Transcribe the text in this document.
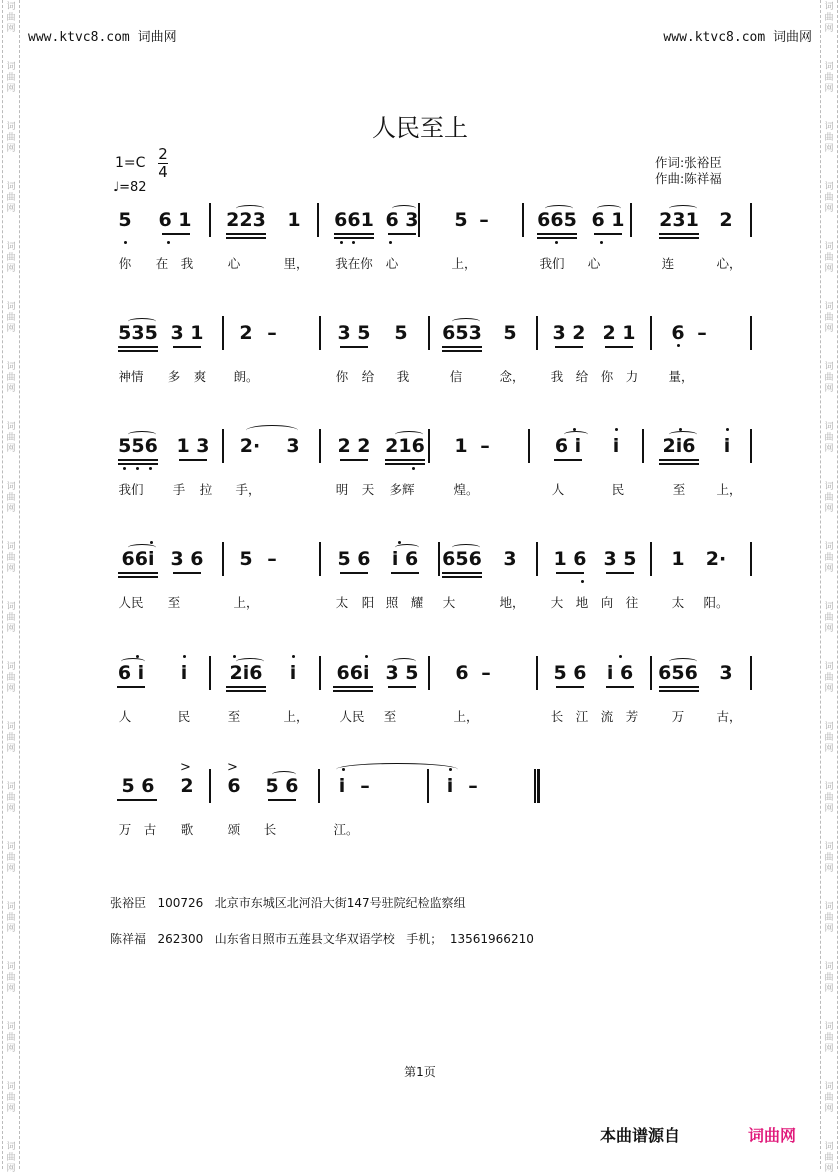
词
曲
网
词
曲
网
词
曲
网
词
曲
网
词
曲
网
词
曲
网
词
曲
网
词
曲
网
词
曲
网
词
曲
网
词
曲
网
词
曲
网
词
曲
网
词
曲
网
词
曲
网
词
曲
网
词
曲
网
词
曲
网
词
曲
网
词
曲
网
词
曲
网
词
曲
网
词
曲
网
词
曲
网
词
曲
网
词
曲
网
词
曲
网
词
曲
网
词
曲
网
词
曲
网
词
曲
网
词
曲
网
词
曲
网
词
曲
网
词
曲
网
词
曲
网
词
曲
网
词
曲
网
词
曲
网
词
曲
网
www.ktvc8.com 词曲网	www.ktvc8.com 词曲网
人民至上
1=C 2
4
♩=82
作词:张裕臣
作曲:陈祥福
5 6 1 223 1 661 6 3 5 –	665 6 1 231 2
你 在 我	心	里， 我在你 心	上，	我们 心	连	心，
535 3 1 2 –	3 5 5 653 5 3 2 2 1 6 –
神情 多 爽 朗。	你 给 我	信	念， 我 给 你 力 量，
556 1 3 2· 3 2 2 216 1 –	6 i i 2i6 i
我们 手 拉 手，	明 天 多辉	煌。	人	民	至 上，
66i 3 6 5 –	5 6 i 6 656 3 1 6 3 5 1 2·
人民 至	上，	太 阳 照 耀 大	地， 大 地 向 往	太 阳。
6 i i 2i6 i 66i 3 5 6 –	5 6 i 6 656 3
人	民	至	上， 人民 至	上，	长 江 流 芳	万	古，
5 6 2 6 5 6 i –	i –
>	>
万 古 歌	颂 长	江。
张裕臣 100726 北京市东城区北河沿大街147号驻院纪检监察组
陈祥福 262300 山东省日照市五莲县文华双语学校 手机； 13561966210
第1页
本曲谱源自	词曲网
